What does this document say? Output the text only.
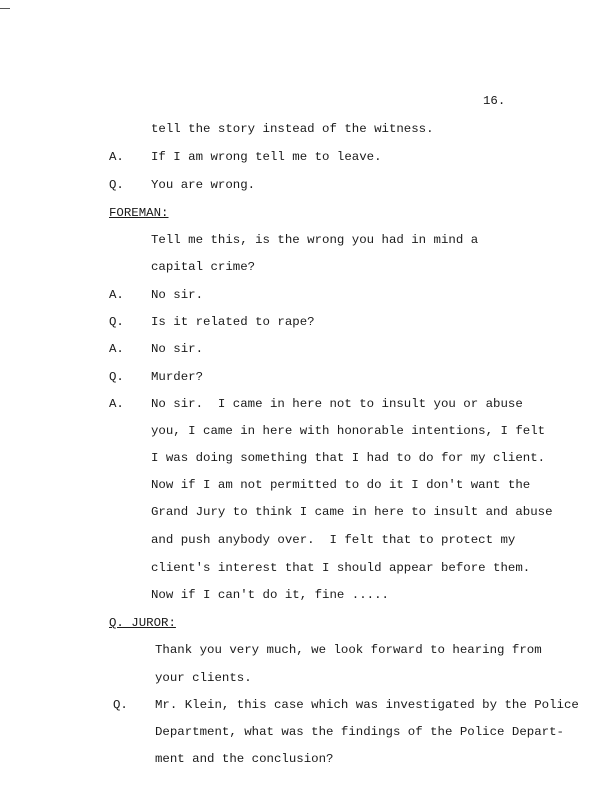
16.
tell the story instead of the witness.
A. If I am wrong tell me to leave.
Q. You are wrong.
FOREMAN:
Tell me this, is the wrong you had in mind a
capital crime?
A. No sir.
Q. Is it related to rape?
A. No sir.
Q. Murder?
A. No sir.  I came in here not to insult you or abuse
you, I came in here with honorable intentions, I felt
I was doing something that I had to do for my client.
Now if I am not permitted to do it I don't want the
Grand Jury to think I came in here to insult and abuse
and push anybody over.  I felt that to protect my
client's interest that I should appear before them.
Now if I can't do it, fine .....
Q. JUROR:
Thank you very much, we look forward to hearing from
your clients.
Q. Mr. Klein, this case which was investigated by the Police
Department, what was the findings of the Police Depart-
ment and the conclusion?
